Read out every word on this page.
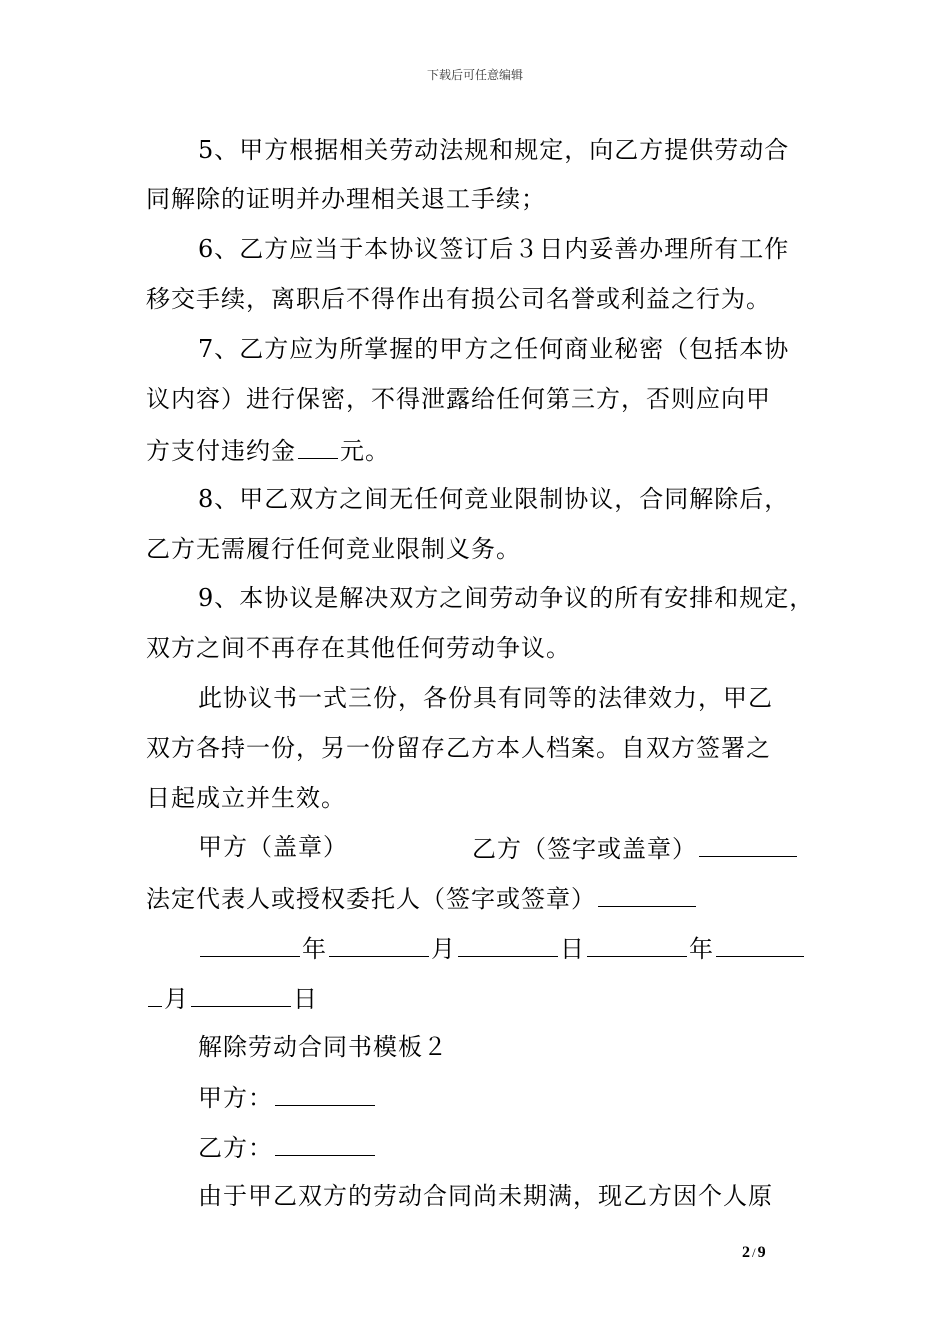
下载后可任意编辑
5、甲方根据相关劳动法规和规定，向乙方提供劳动合
同解除的证明并办理相关退工手续；
6、乙方应当于本协议签订后３日内妥善办理所有工作
移交手续，离职后不得作出有损公司名誉或利益之行为。
7、乙方应为所掌握的甲方之任何商业秘密（包括本协
议内容）进行保密，不得泄露给任何第三方，否则应向甲
方支付违约金 元。
8、甲乙双方之间无任何竞业限制协议，合同解除后，
乙方无需履行任何竞业限制义务。
9、本协议是解决双方之间劳动争议的所有安排和规定，
双方之间不再存在其他任何劳动争议。
此协议书一式三份，各份具有同等的法律效力，甲乙
双方各持一份，另一份留存乙方本人档案。自双方签署之
日起成立并生效。
甲方（盖章）	乙方（签字或盖章）
法定代表人或授权委托人（签字或签章）
年	月	日	年
月	日
解除劳动合同书模板２
甲方：
乙方：
由于甲乙双方的劳动合同尚未期满，现乙方因个人原
2 / 9
